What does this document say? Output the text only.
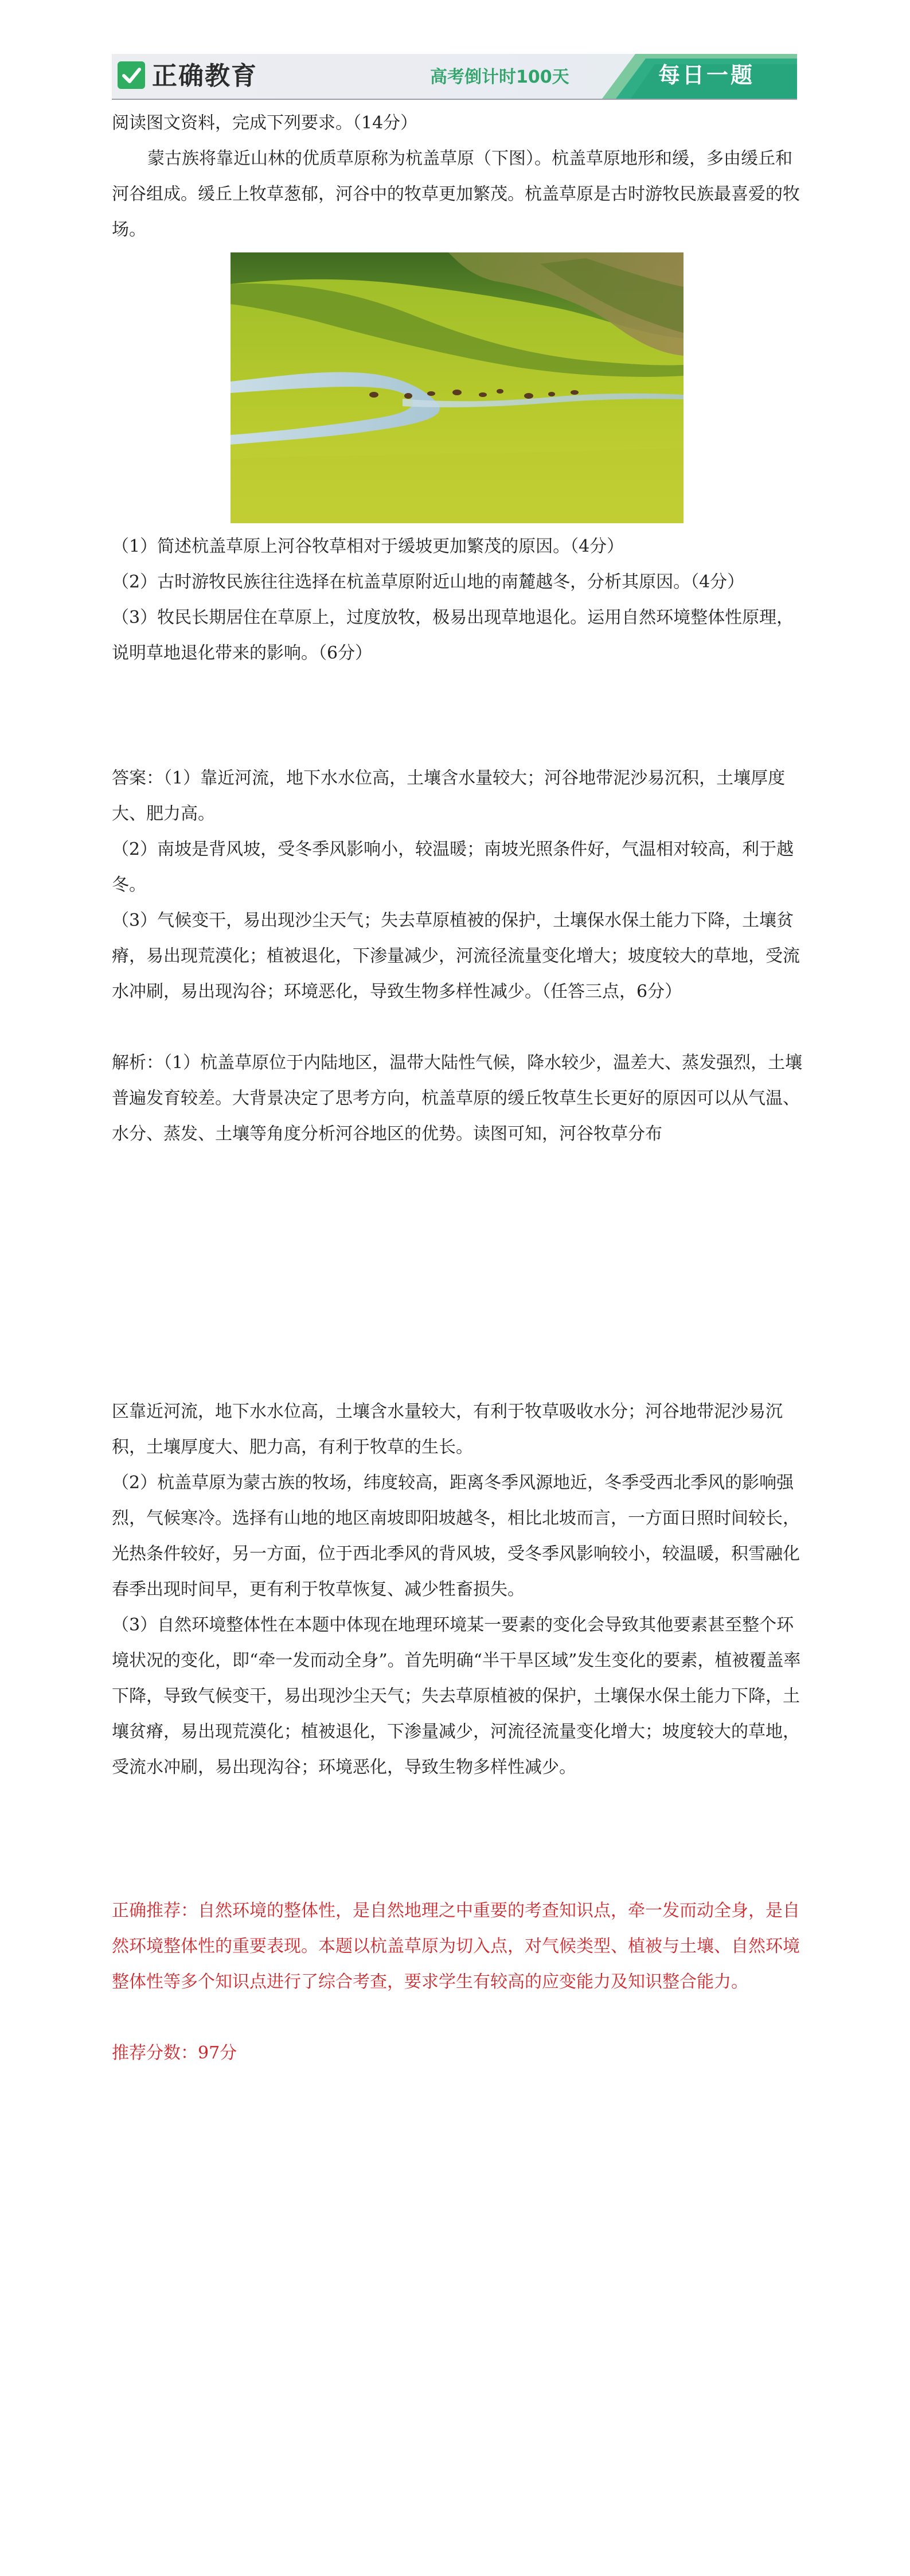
正确教育	高考倒计时100天	每日一题

阅读图文资料，完成下列要求。（14分）

蒙古族将靠近山林的优质草原称为杭盖草原（下图）。杭盖草原地形和缓，多由缓丘和河谷组成。缓丘上牧草葱郁，河谷中的牧草更加繁茂。杭盖草原是古时游牧民族最喜爱的牧场。

（1）简述杭盖草原上河谷牧草相对于缓坡更加繁茂的原因。（4分）

（2）古时游牧民族往往选择在杭盖草原附近山地的南麓越冬，分析其原因。（4分）

（3）牧民长期居住在草原上，过度放牧，极易出现草地退化。运用自然环境整体性原理，说明草地退化带来的影响。（6分）

答案：（1）靠近河流，地下水水位高，土壤含水量较大；河谷地带泥沙易沉积，土壤厚度大、肥力高。

（2）南坡是背风坡，受冬季风影响小，较温暖；南坡光照条件好，气温相对较高，利于越冬。

（3）气候变干，易出现沙尘天气；失去草原植被的保护，土壤保水保土能力下降，土壤贫瘠，易出现荒漠化；植被退化，下渗量减少，河流径流量变化增大；坡度较大的草地，受流水冲刷，易出现沟谷；环境恶化，导致生物多样性减少。（任答三点，6分）

解析：（1）杭盖草原位于内陆地区，温带大陆性气候，降水较少，温差大、蒸发强烈，土壤普遍发育较差。大背景决定了思考方向，杭盖草原的缓丘牧草生长更好的原因可以从气温、水分、蒸发、土壤等角度分析河谷地区的优势。读图可知，河谷牧草分布

区靠近河流，地下水水位高，土壤含水量较大，有利于牧草吸收水分；河谷地带泥沙易沉积，土壤厚度大、肥力高，有利于牧草的生长。

（2）杭盖草原为蒙古族的牧场，纬度较高，距离冬季风源地近，冬季受西北季风的影响强烈，气候寒冷。选择有山地的地区南坡即阳坡越冬，相比北坡而言，一方面日照时间较长，光热条件较好，另一方面，位于西北季风的背风坡，受冬季风影响较小，较温暖，积雪融化春季出现时间早，更有利于牧草恢复、减少牲畜损失。

（3）自然环境整体性在本题中体现在地理环境某一要素的变化会导致其他要素甚至整个环境状况的变化，即“牵一发而动全身”。首先明确“半干旱区域”发生变化的要素，植被覆盖率下降，导致气候变干，易出现沙尘天气；失去草原植被的保护，土壤保水保土能力下降，土壤贫瘠，易出现荒漠化；植被退化，下渗量减少，河流径流量变化增大；坡度较大的草地，受流水冲刷，易出现沟谷；环境恶化，导致生物多样性减少。

正确推荐：自然环境的整体性，是自然地理之中重要的考查知识点，牵一发而动全身，是自然环境整体性的重要表现。本题以杭盖草原为切入点，对气候类型、植被与土壤、自然环境整体性等多个知识点进行了综合考查，要求学生有较高的应变能力及知识整合能力。

推荐分数：97分
